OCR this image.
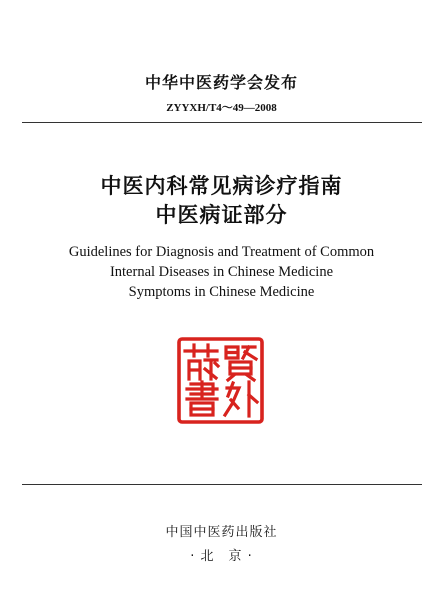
中华中医药学会发布
ZYYXH/T4～49—2008
中医内科常见病诊疗指南
中医病证部分
Guidelines for Diagnosis and Treatment of Common
Internal Diseases in Chinese Medicine
Symptoms in Chinese Medicine
中国中医药出版社
· 北　京 ·
